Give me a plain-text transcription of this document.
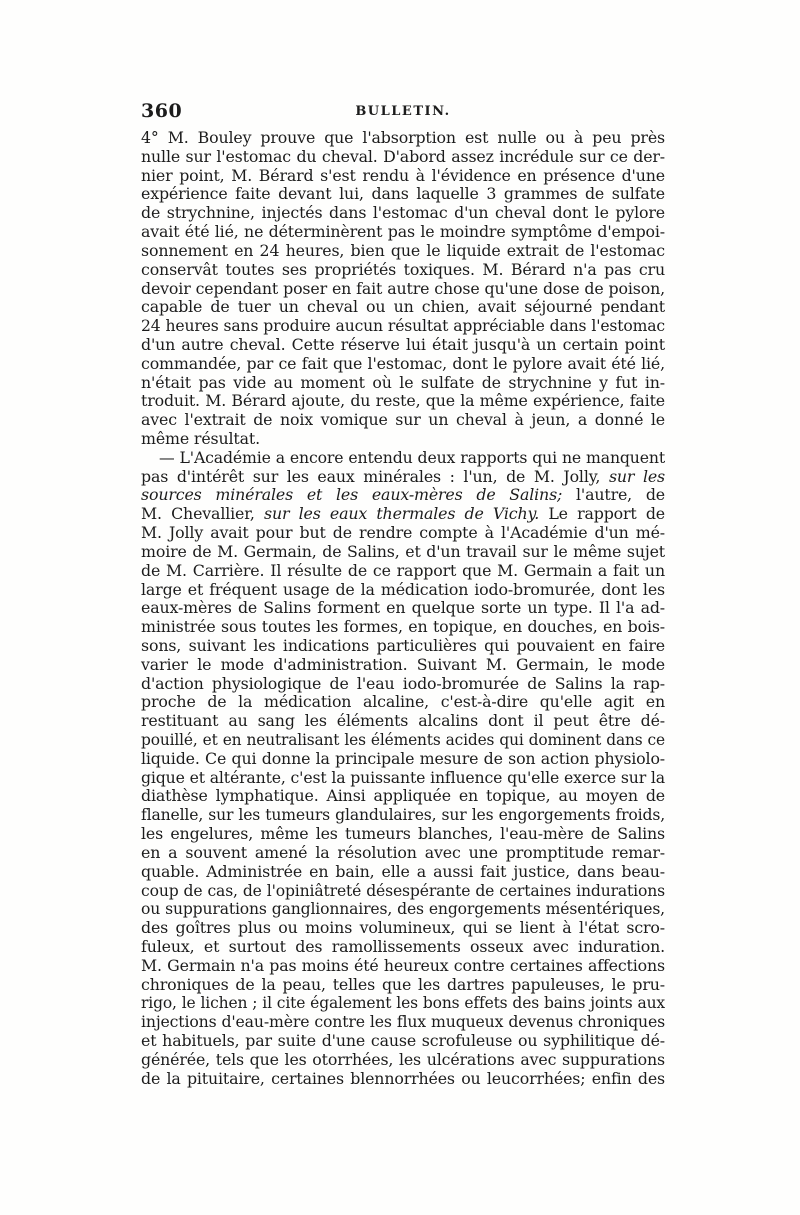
360	BULLETIN.
4° M. Bouley prouve que l'absorption est nulle ou à peu près
nulle sur l'estomac du cheval. D'abord assez incrédule sur ce der-
nier point, M. Bérard s'est rendu à l'évidence en présence d'une
expérience faite devant lui, dans laquelle 3 grammes de sulfate
de strychnine, injectés dans l'estomac d'un cheval dont le pylore
avait été lié, ne déterminèrent pas le moindre symptôme d'empoi-
sonnement en 24 heures, bien que le liquide extrait de l'estomac
conservât toutes ses propriétés toxiques. M. Bérard n'a pas cru
devoir cependant poser en fait autre chose qu'une dose de poison,
capable de tuer un cheval ou un chien, avait séjourné pendant
24 heures sans produire aucun résultat appréciable dans l'estomac
d'un autre cheval. Cette réserve lui était jusqu'à un certain point
commandée, par ce fait que l'estomac, dont le pylore avait été lié,
n'était pas vide au moment où le sulfate de strychnine y fut in-
troduit. M. Bérard ajoute, du reste, que la même expérience, faite
avec l'extrait de noix vomique sur un cheval à jeun, a donné le
même résultat.
— L'Académie a encore entendu deux rapports qui ne manquent
pas d'intérêt sur les eaux minérales : l'un, de M. Jolly, sur les
sources minérales et les eaux-mères de Salins; l'autre, de
M. Chevallier, sur les eaux thermales de Vichy. Le rapport de
M. Jolly avait pour but de rendre compte à l'Académie d'un mé-
moire de M. Germain, de Salins, et d'un travail sur le même sujet
de M. Carrière. Il résulte de ce rapport que M. Germain a fait un
large et fréquent usage de la médication iodo-bromurée, dont les
eaux-mères de Salins forment en quelque sorte un type. Il l'a ad-
ministrée sous toutes les formes, en topique, en douches, en bois-
sons, suivant les indications particulières qui pouvaient en faire
varier le mode d'administration. Suivant M. Germain, le mode
d'action physiologique de l'eau iodo-bromurée de Salins la rap-
proche de la médication alcaline, c'est-à-dire qu'elle agit en
restituant au sang les éléments alcalins dont il peut être dé-
pouillé, et en neutralisant les éléments acides qui dominent dans ce
liquide. Ce qui donne la principale mesure de son action physiolo-
gique et altérante, c'est la puissante influence qu'elle exerce sur la
diathèse lymphatique. Ainsi appliquée en topique, au moyen de
flanelle, sur les tumeurs glandulaires, sur les engorgements froids,
les engelures, même les tumeurs blanches, l'eau-mère de Salins
en a souvent amené la résolution avec une promptitude remar-
quable. Administrée en bain, elle a aussi fait justice, dans beau-
coup de cas, de l'opiniâtreté désespérante de certaines indurations
ou suppurations ganglionnaires, des engorgements mésentériques,
des goîtres plus ou moins volumineux, qui se lient à l'état scro-
fuleux, et surtout des ramollissements osseux avec induration.
M. Germain n'a pas moins été heureux contre certaines affections
chroniques de la peau, telles que les dartres papuleuses, le pru-
rigo, le lichen ; il cite également les bons effets des bains joints aux
injections d'eau-mère contre les flux muqueux devenus chroniques
et habituels, par suite d'une cause scrofuleuse ou syphilitique dé-
générée, tels que les otorrhées, les ulcérations avec suppurations
de la pituitaire, certaines blennorrhées ou leucorrhées; enfin des
